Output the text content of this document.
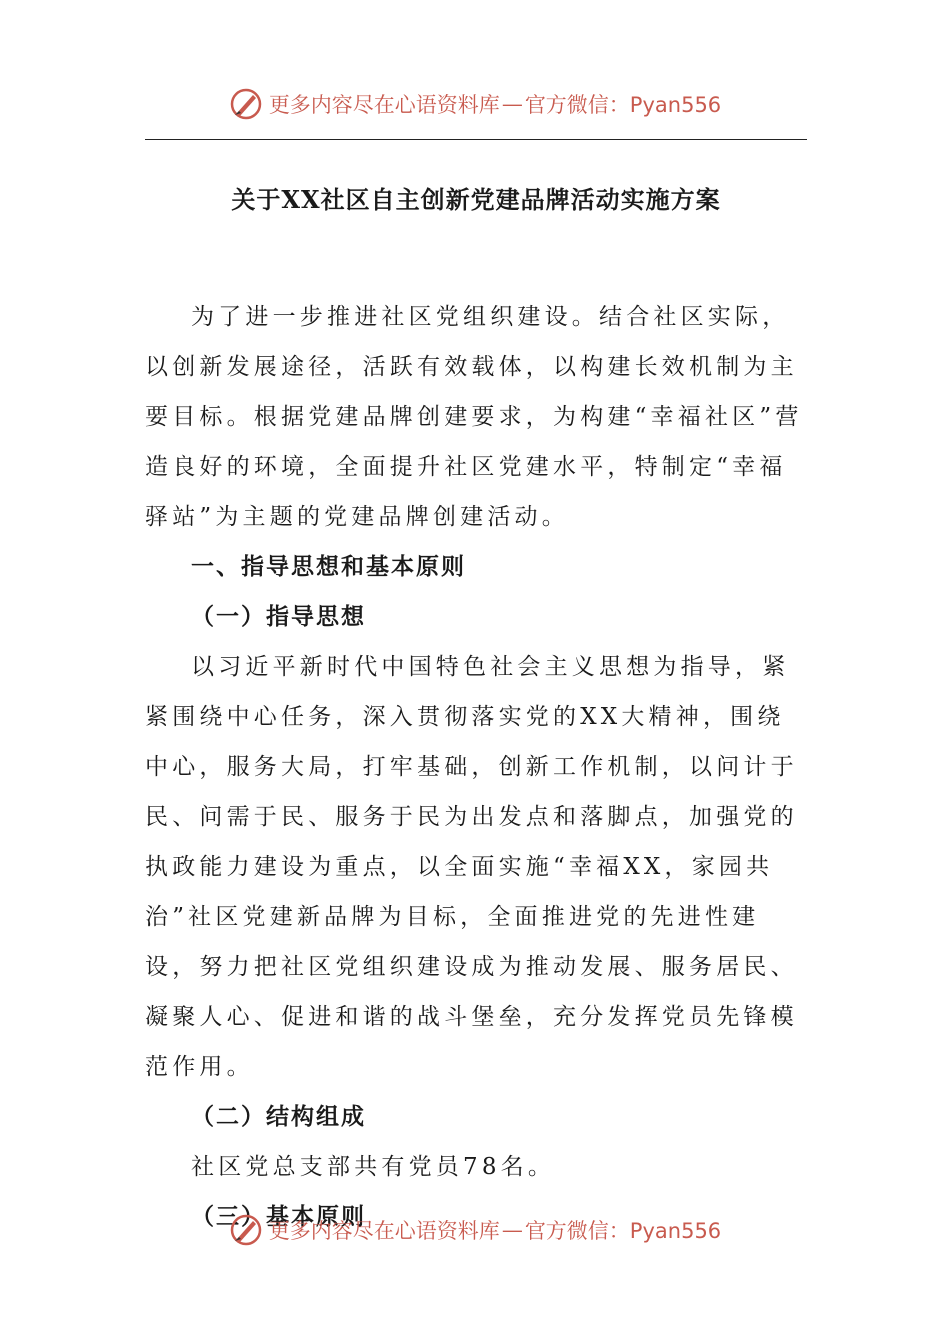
更多内容尽在心语资料库 — 官方微信：Pyan556
关于XX社区自主创新党建品牌活动实施方案

为了进一步推进社区党组织建设。结合社区实际，以创新发展途径，活跃有效载体，以构建长效机制为主要目标。根据党建品牌创建要求，为构建“幸福社区”营造良好的环境，全面提升社区党建水平，特制定“幸福驿站”为主题的党建品牌创建活动。

一、指导思想和基本原则
（一）指导思想

以习近平新时代中国特色社会主义思想为指导，紧紧围绕中心任务，深入贯彻落实党的XX大精神，围绕中心，服务大局，打牢基础，创新工作机制，以问计于民、问需于民、服务于民为出发点和落脚点，加强党的执政能力建设为重点，以全面实施“幸福XX，家园共治”社区党建新品牌为目标，全面推进党的先进性建设，努力把社区党组织建设成为推动发展、服务居民、凝聚人心、促进和谐的战斗堡垒，充分发挥党员先锋模范作用。

（二）结构组成

社区党总支部共有党员78名。

（三）基本原则
更多内容尽在心语资料库 — 官方微信：Pyan556
